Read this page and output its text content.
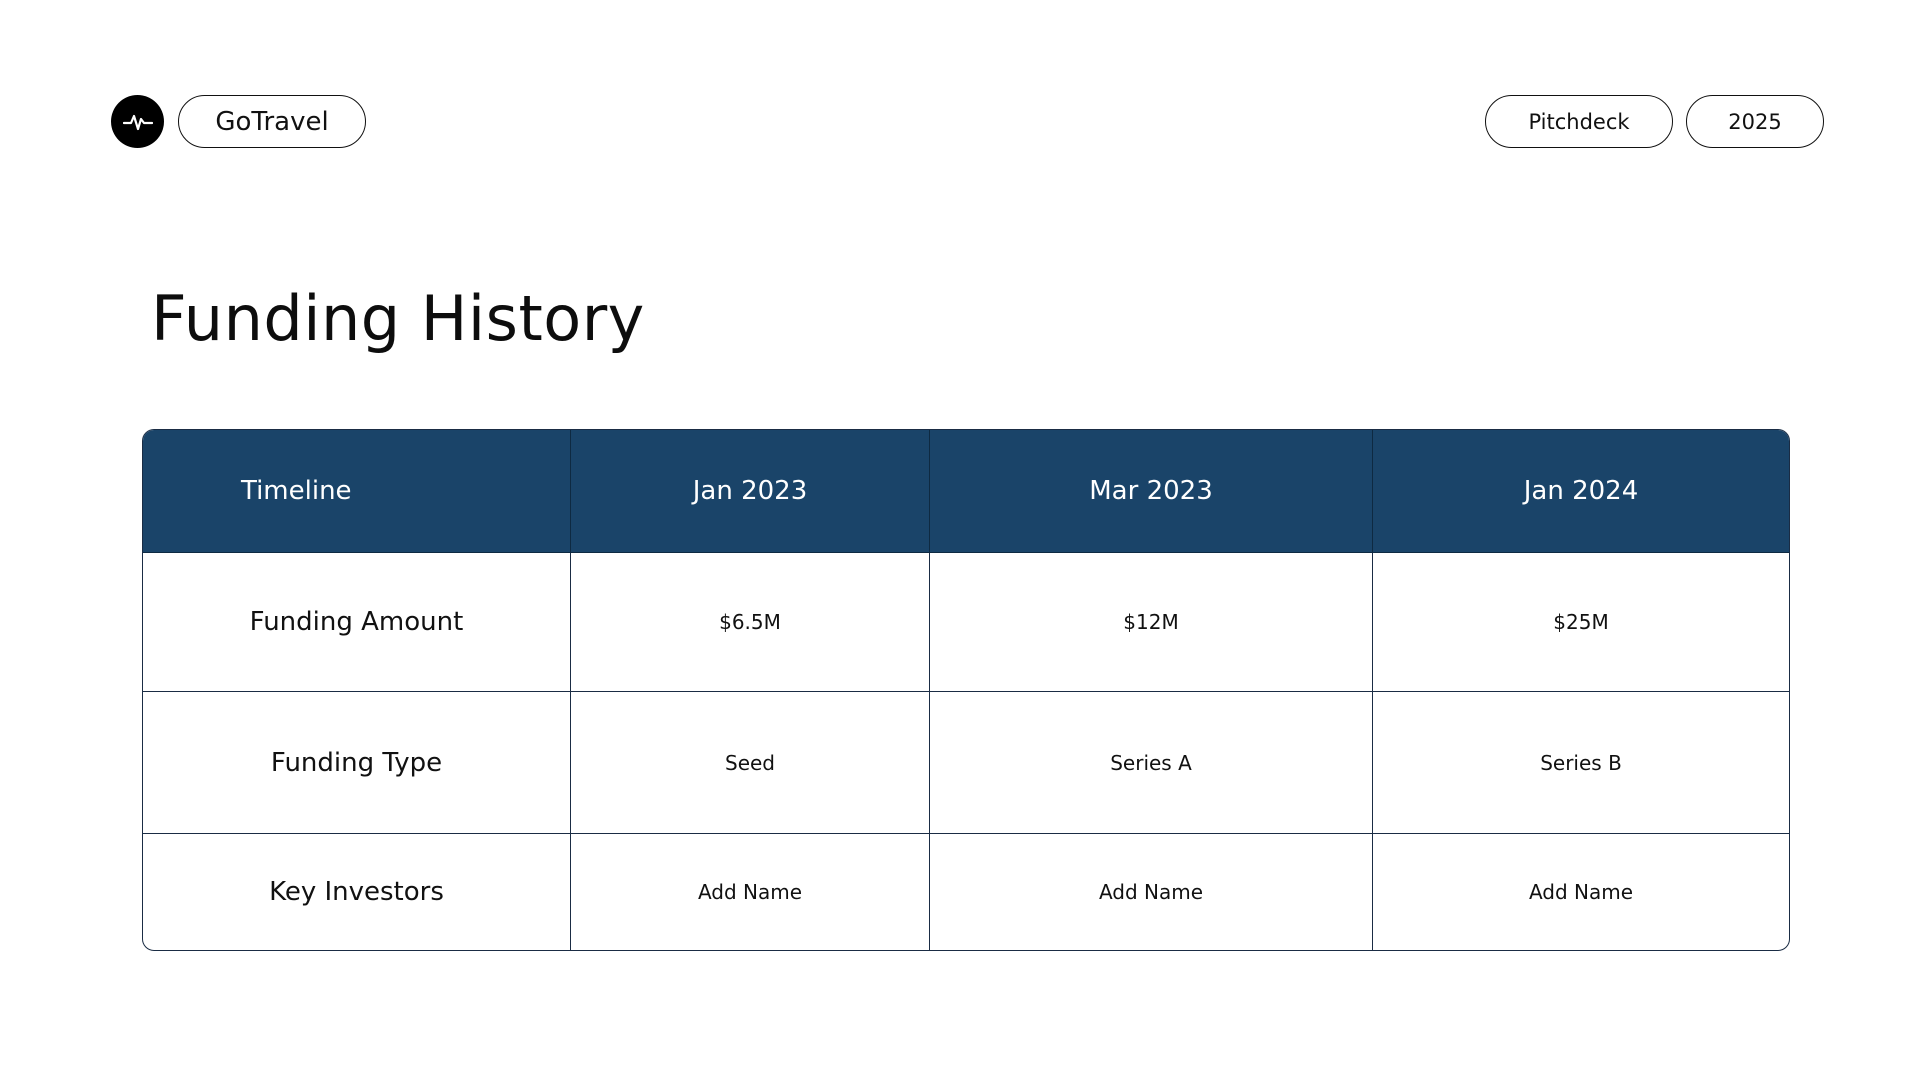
GoTravel	Pitchdeck	2025
Funding History
Timeline	Jan 2023	Mar 2023	Jan 2024
Funding Amount	$6.5M	$12M	$25M
Funding Type	Seed	Series A	Series B
Key Investors	Add Name	Add Name	Add Name
